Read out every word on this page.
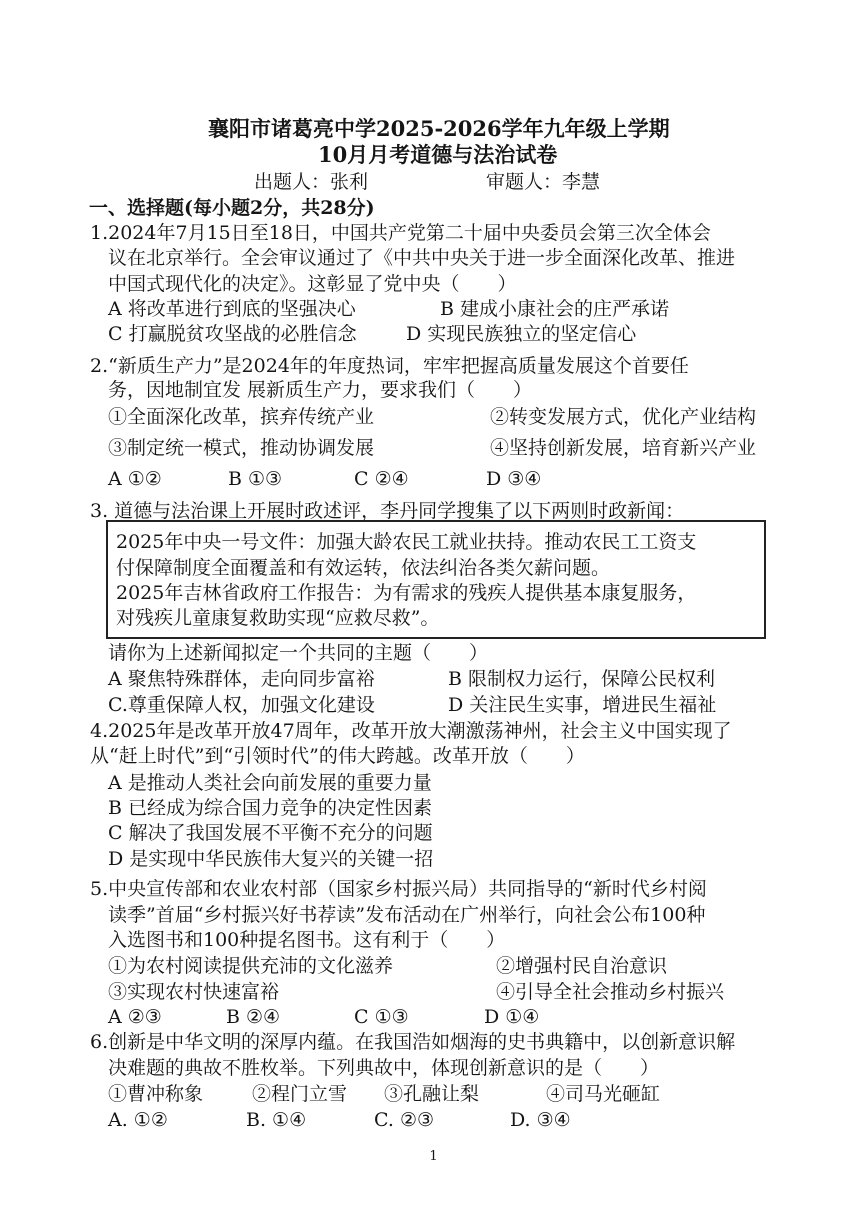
襄阳市诸葛亮中学2025-2026学年九年级上学期
10月月考道德与法治试卷
出题人：张利	审题人：李慧
一、选择题(每小题2分，共28分)
1.2024年7月15日至18日，中国共产党第二十届中央委员会第三次全体会
议在北京举行。全会审议通过了《中共中央关于进一步全面深化改革、推进
中国式现代化的决定》。这彰显了党中央（　　）
A 将改革进行到底的坚强决心	B 建成小康社会的庄严承诺
C 打赢脱贫攻坚战的必胜信念	D 实现民族独立的坚定信心
2.“新质生产力”是2024年的年度热词，牢牢把握高质量发展这个首要任
务，因地制宜发 展新质生产力，要求我们（　　）
①全面深化改革，摈弃传统产业	②转变发展方式，优化产业结构
③制定统一模式，推动协调发展	④坚持创新发展，培育新兴产业
A ①②	B ①③	C ②④	D ③④
3. 道德与法治课上开展时政述评，李丹同学搜集了以下两则时政新闻：
2025年中央一号文件：加强大龄农民工就业扶持。推动农民工工资支
付保障制度全面覆盖和有效运转，依法纠治各类欠薪问题。
2025年吉林省政府工作报告：为有需求的残疾人提供基本康复服务，
对残疾儿童康复救助实现“应救尽救”。
请你为上述新闻拟定一个共同的主题（　　）
A 聚焦特殊群体，走向同步富裕	B 限制权力运行，保障公民权利
C.尊重保障人权，加强文化建设	D 关注民生实事，增进民生福祉
4.2025年是改革开放47周年，改革开放大潮激荡神州，社会主义中国实现了
从“赶上时代”到“引领时代”的伟大跨越。改革开放（　　）
A 是推动人类社会向前发展的重要力量
B 已经成为综合国力竞争的决定性因素
C 解决了我国发展不平衡不充分的问题
D 是实现中华民族伟大复兴的关键一招
5.中央宣传部和农业农村部（国家乡村振兴局）共同指导的“新时代乡村阅
读季”首届“乡村振兴好书荐读”发布活动在广州举行，向社会公布100种
入选图书和100种提名图书。这有利于（　　）
①为农村阅读提供充沛的文化滋养	②增强村民自治意识
③实现农村快速富裕	④引导全社会推动乡村振兴
A ②③	B ②④	C ①③	D ①④
6.创新是中华文明的深厚内蕴。在我国浩如烟海的史书典籍中，以创新意识解
决难题的典故不胜枚举。下列典故中，体现创新意识的是（　　）
①曹冲称象	②程门立雪 ③孔融让梨	④司马光砸缸
A. ①②	B. ①④	C. ②③	D. ③④
1
